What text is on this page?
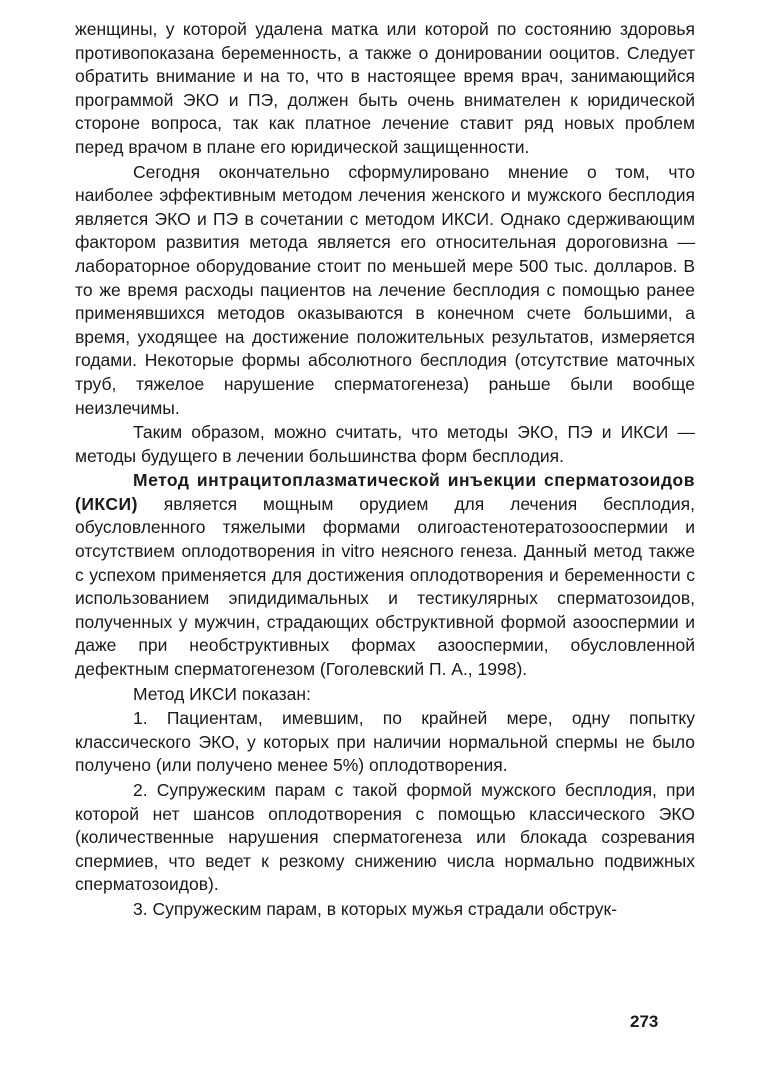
женщины, у которой удалена матка или которой по состоянию здоровья противопоказана беременность, а также о донировании ооцитов. Следует обратить внимание и на то, что в настоящее время врач, занимающийся программой ЭКО и ПЭ, должен быть очень внимателен к юридической стороне вопроса, так как платное лечение ставит ряд новых проблем перед врачом в плане его юридической защищенности.

Сегодня окончательно сформулировано мнение о том, что наиболее эффективным методом лечения женского и мужского бесплодия является ЭКО и ПЭ в сочетании с методом ИКСИ. Однако сдерживающим фактором развития метода является его относительная дороговизна — лабораторное оборудование стоит по меньшей мере 500 тыс. долларов. В то же время расходы пациентов на лечение бесплодия с помощью ранее применявшихся методов оказываются в конечном счете большими, а время, уходящее на достижение положительных результатов, измеряется годами. Некоторые формы абсолютного бесплодия (отсутствие маточных труб, тяжелое нарушение сперматогенеза) раньше были вообще неизлечимы.

Таким образом, можно считать, что методы ЭКО, ПЭ и ИКСИ — методы будущего в лечении большинства форм бесплодия.

Метод интрацитоплазматической инъекции сперматозоидов (ИКСИ) является мощным орудием для лечения бесплодия, обусловленного тяжелыми формами олигоастенотератозооспермии и отсутствием оплодотворения in vitro неясного генеза. Данный метод также с успехом применяется для достижения оплодотворения и беременности с использованием эпидидимальных и тестикулярных сперматозоидов, полученных у мужчин, страдающих обструктивной формой азооспермии и даже при необструктивных формах азооспермии, обусловленной дефектным сперматогенезом (Гоголевский П. А., 1998).

Метод ИКСИ показан:

1. Пациентам, имевшим, по крайней мере, одну попытку классического ЭКО, у которых при наличии нормальной спермы не было получено (или получено менее 5%) оплодотворения.

2. Супружеским парам с такой формой мужского бесплодия, при которой нет шансов оплодотворения с помощью классического ЭКО (количественные нарушения сперматогенеза или блокада созревания спермиев, что ведет к резкому снижению числа нормально подвижных сперматозоидов).

3. Супружеским парам, в которых мужья страдали обструк-

273
